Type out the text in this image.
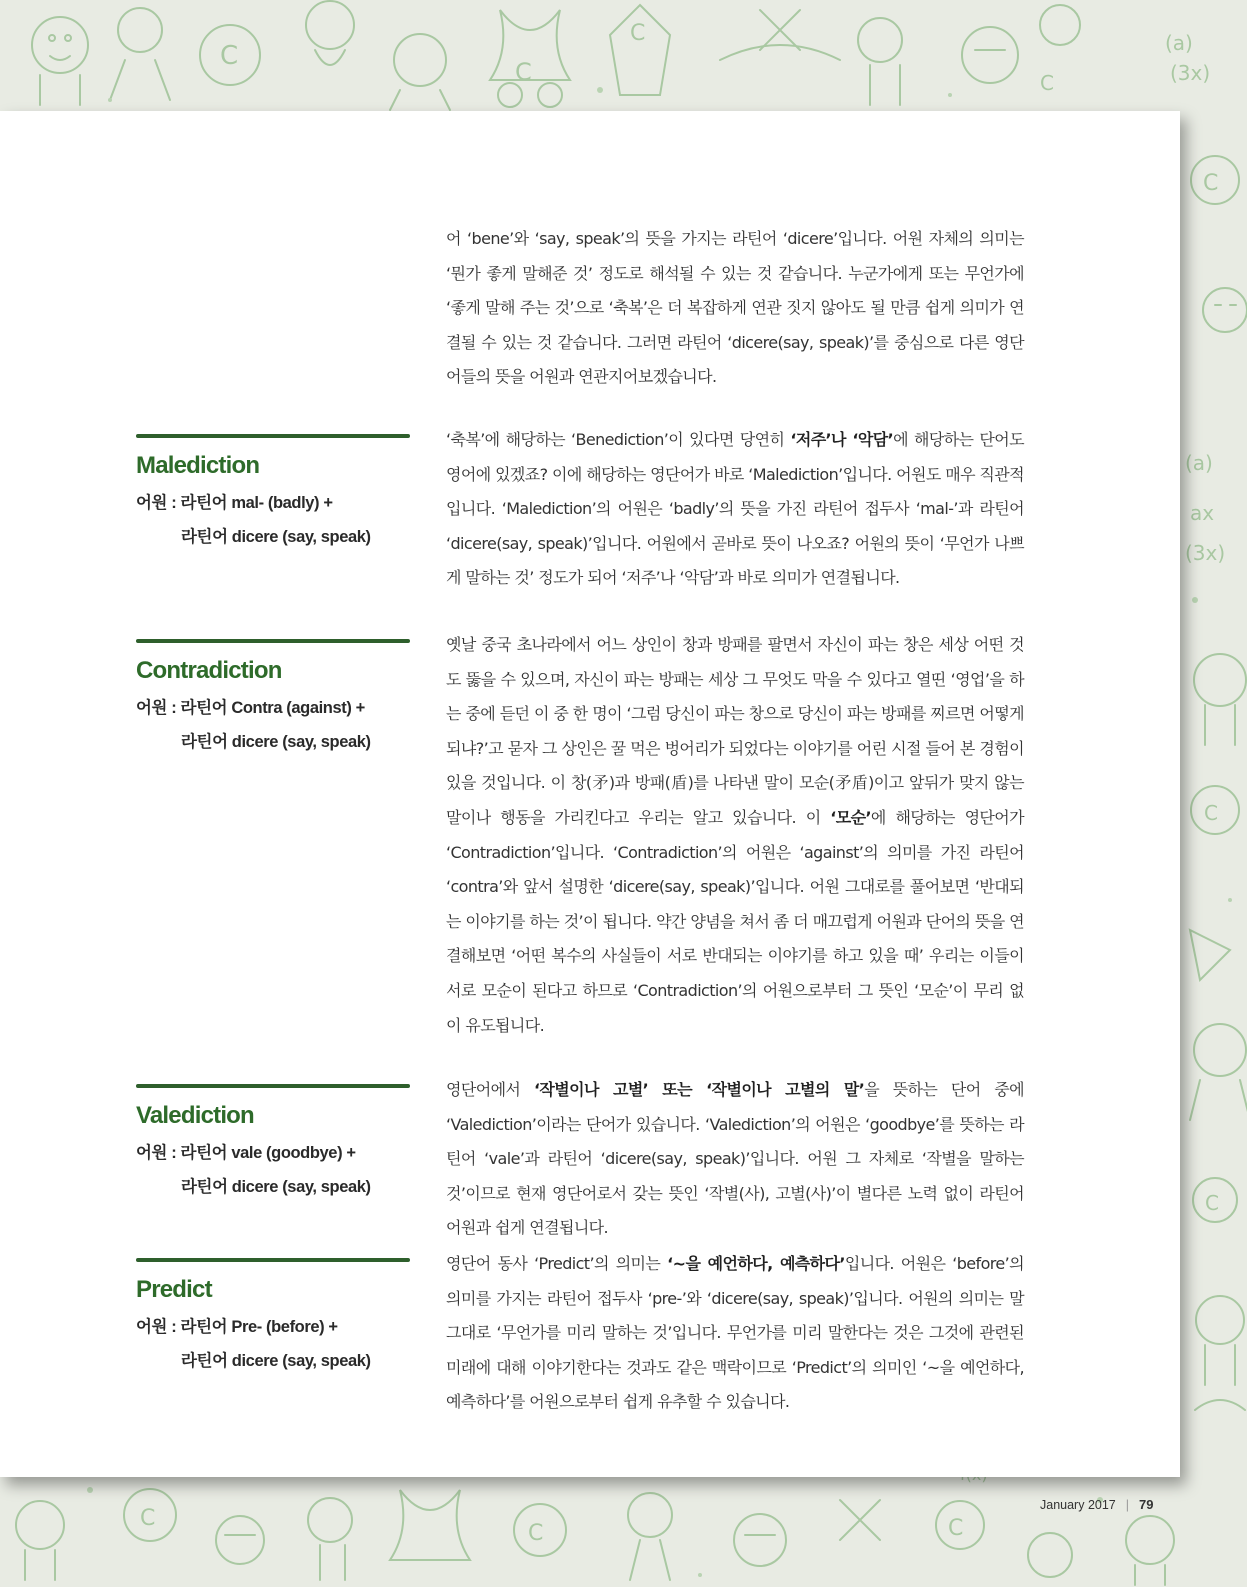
C
C
C
C
(a)
(3x)
C
(a)
ax
(3x)
C
C
C
C	C

어 ‘bene’와 ‘say, speak’의 뜻을 가지는 라틴어 ‘dicere’입니다. 어원 자체의 의미는 ‘뭔가 좋게 말해준 것’ 정도로 해석될 수 있는 것 같습니다. 누군가에게 또는 무언가에 ‘좋게 말해 주는 것’으로 ‘축복’은 더 복잡하게 연관 짓지 않아도 될 만큼 쉽게 의미가 연결될 수 있는 것 같습니다. 그러면 라틴어 ‘dicere(say, speak)’를 중심으로 다른 영단어들의 뜻을 어원과 연관지어보겠습니다.

Malediction

어원 : 라틴어 mal- (badly) +
라틴어 dicere (say, speak)

‘축복’에 해당하는 ‘Benediction’이 있다면 당연히 ‘저주’나 ‘악담’에 해당하는 단어도 영어에 있겠죠? 이에 해당하는 영단어가 바로 ‘Malediction’입니다. 어원도 매우 직관적입니다. ‘Malediction’의 어원은 ‘badly’의 뜻을 가진 라틴어 접두사 ‘mal-’과 라틴어 ‘dicere(say, speak)’입니다. 어원에서 곧바로 뜻이 나오죠? 어원의 뜻이 ‘무언가 나쁘게 말하는 것’ 정도가 되어 ‘저주’나 ‘악담’과 바로 의미가 연결됩니다.

Contradiction

어원 : 라틴어 Contra (against) +
라틴어 dicere (say, speak)

옛날 중국 초나라에서 어느 상인이 창과 방패를 팔면서 자신이 파는 창은 세상 어떤 것도 뚫을 수 있으며, 자신이 파는 방패는 세상 그 무엇도 막을 수 있다고 열띤 ‘영업’을 하는 중에 듣던 이 중 한 명이 ‘그럼 당신이 파는 창으로 당신이 파는 방패를 찌르면 어떻게 되냐?’고 묻자 그 상인은 꿀 먹은 벙어리가 되었다는 이야기를 어린 시절 들어 본 경험이 있을 것입니다. 이 창(矛)과 방패(盾)를 나타낸 말이 모순(矛盾)이고 앞뒤가 맞지 않는 말이나 행동을 가리킨다고 우리는 알고 있습니다. 이 ‘모순’에 해당하는 영단어가 ‘Contradiction’입니다. ‘Contradiction’의 어원은 ‘against’의 의미를 가진 라틴어 ‘contra’와 앞서 설명한 ‘dicere(say, speak)’입니다. 어원 그대로를 풀어보면 ‘반대되는 이야기를 하는 것’이 됩니다. 약간 양념을 쳐서 좀 더 매끄럽게 어원과 단어의 뜻을 연결해보면 ‘어떤 복수의 사실들이 서로 반대되는 이야기를 하고 있을 때’ 우리는 이들이 서로 모순이 된다고 하므로 ‘Contradiction’의 어원으로부터 그 뜻인 ‘모순’이 무리 없이 유도됩니다.

Valediction

어원 : 라틴어 vale (goodbye) +
라틴어 dicere (say, speak)

영단어에서 ‘작별이나 고별’ 또는 ‘작별이나 고별의 말’을 뜻하는 단어 중에 ‘Valediction’이라는 단어가 있습니다. ‘Valediction’의 어원은 ‘goodbye’를 뜻하는 라틴어 ‘vale’과 라틴어 ‘dicere(say, speak)’입니다. 어원 그 자체로 ‘작별을 말하는 것’이므로 현재 영단어로서 갖는 뜻인 ‘작별(사), 고별(사)’이 별다른 노력 없이 라틴어 어원과 쉽게 연결됩니다.

Predict

어원 : 라틴어 Pre- (before) +
라틴어 dicere (say, speak)

영단어 동사 ‘Predict’의 의미는 ‘~을 예언하다, 예측하다’입니다. 어원은 ‘before’의 의미를 가지는 라틴어 접두사 ‘pre-’와 ‘dicere(say, speak)’입니다. 어원의 의미는 말 그대로 ‘무언가를 미리 말하는 것’입니다. 무언가를 미리 말한다는 것은 그것에 관련된 미래에 대해 이야기한다는 것과도 같은 맥락이므로 ‘Predict’의 의미인 ‘~을 예언하다, 예측하다’를 어원으로부터 쉽게 유추할 수 있습니다.

January 2017 | 79
